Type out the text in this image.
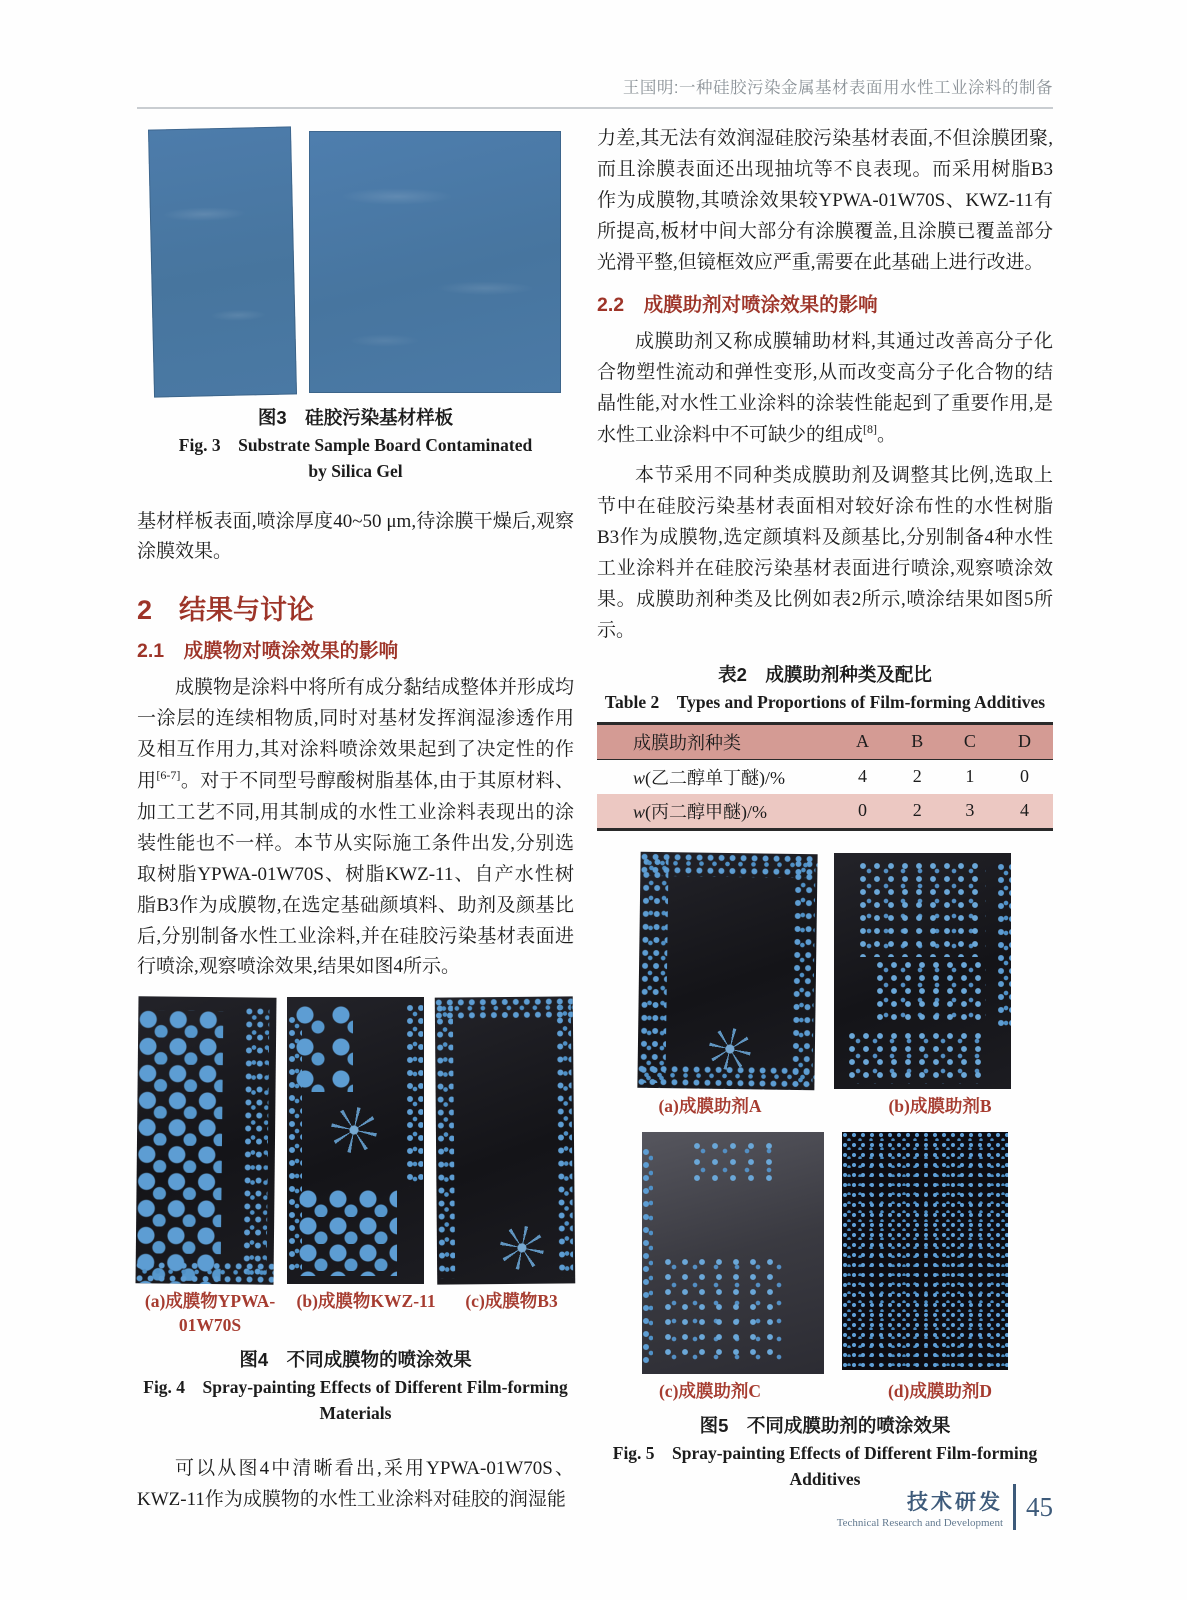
王国明:一种硅胶污染金属基材表面用水性工业涂料的制备
图3　硅胶污染基材样板
Fig. 3　Substrate Sample Board Contaminated
by Silica Gel

基材样板表面,喷涂厚度40~50 μm,待涂膜干燥后,观察涂膜效果。

2　结果与讨论
2.1　成膜物对喷涂效果的影响

成膜物是涂料中将所有成分黏结成整体并形成均一涂层的连续相物质,同时对基材发挥润湿渗透作用及相互作用力,其对涂料喷涂效果起到了决定性的作用[6-7]。对于不同型号醇酸树脂基体,由于其原材料、加工工艺不同,用其制成的水性工业涂料表现出的涂装性能也不一样。本节从实际施工条件出发,分别选取树脂YPWA-01W70S、树脂KWZ-11、自产水性树脂B3作为成膜物,在选定基础颜填料、助剂及颜基比后,分别制备水性工业涂料,并在硅胶污染基材表面进行喷涂,观察喷涂效果,结果如图4所示。

(a)成膜物YPWA-01W70S
(b)成膜物KWZ-11	(c)成膜物B3
图4　不同成膜物的喷涂效果
Fig. 4　Spray-painting Effects of Different Film-forming
Materials

可以从图4中清晰看出,采用YPWA-01W70S、KWZ-11作为成膜物的水性工业涂料对硅胶的润湿能

力差,其无法有效润湿硅胶污染基材表面,不但涂膜团聚,而且涂膜表面还出现抽坑等不良表现。而采用树脂B3作为成膜物,其喷涂效果较YPWA-01W70S、KWZ-11有所提高,板材中间大部分有涂膜覆盖,且涂膜已覆盖部分光滑平整,但镜框效应严重,需要在此基础上进行改进。

2.2　成膜助剂对喷涂效果的影响

成膜助剂又称成膜辅助材料,其通过改善高分子化合物塑性流动和弹性变形,从而改变高分子化合物的结晶性能,对水性工业涂料的涂装性能起到了重要作用,是水性工业涂料中不可缺少的组成[8]。

本节采用不同种类成膜助剂及调整其比例,选取上节中在硅胶污染基材表面相对较好涂布性的水性树脂B3作为成膜物,选定颜填料及颜基比,分别制备4种水性工业涂料并在硅胶污染基材表面进行喷涂,观察喷涂效果。成膜助剂种类及比例如表2所示,喷涂结果如图5所示。

表2　成膜助剂种类及配比
Table 2　Types and Proportions of Film-forming Additives
成膜助剂种类	A	B	C	D
w(乙二醇单丁醚)/%	4	2	1	0
w(丙二醇甲醚)/%	0	2	3	4
(a)成膜助剂A	(b)成膜助剂B
(c)成膜助剂C	(d)成膜助剂D
图5　不同成膜助剂的喷涂效果
Fig. 5　Spray-painting Effects of Different Film-forming
Additives
技术研发
Technical Research and Development
45
